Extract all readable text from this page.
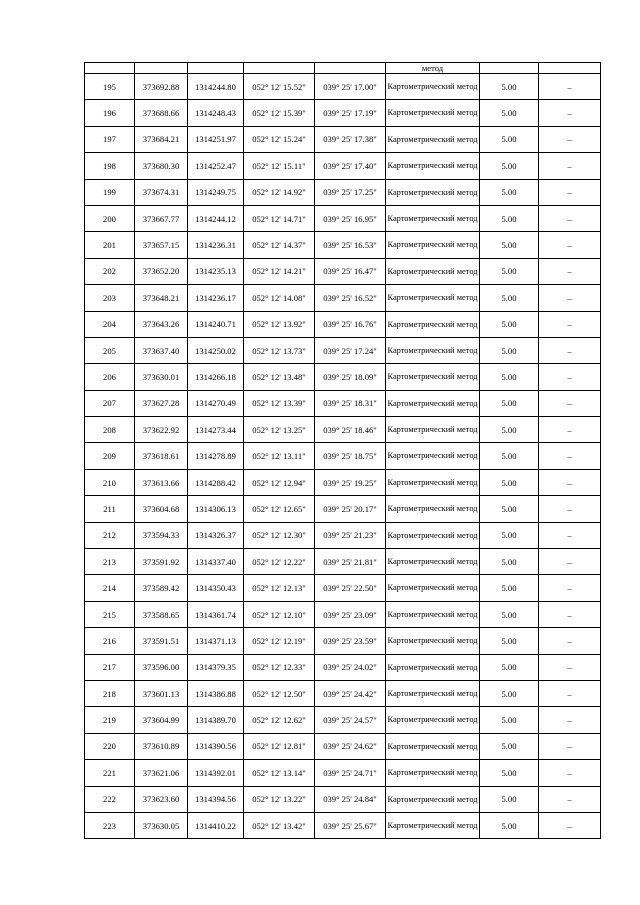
					метод		
195	373692.88	1314244.80	052° 12' 15.52"	039° 25' 17.00"	Картометрический метод	5.00	–
196	373688.66	1314248.43	052° 12' 15.39"	039° 25' 17.19"	Картометрический метод	5.00	–
197	373684.21	1314251.97	052° 12' 15.24"	039° 25' 17.38"	Картометрический метод	5.00	–
198	373680.30	1314252.47	052° 12' 15.11"	039° 25' 17.40"	Картометрический метод	5.00	–
199	373674.31	1314249.75	052° 12' 14.92"	039° 25' 17.25"	Картометрический метод	5.00	–
200	373667.77	1314244.12	052° 12' 14.71"	039° 25' 16.95"	Картометрический метод	5.00	–
201	373657.15	1314236.31	052° 12' 14.37"	039° 25' 16.53"	Картометрический метод	5.00	–
202	373652.20	1314235.13	052° 12' 14.21"	039° 25' 16.47"	Картометрический метод	5.00	–
203	373648.21	1314236.17	052° 12' 14.08"	039° 25' 16.52"	Картометрический метод	5.00	–
204	373643.26	1314240.71	052° 12' 13.92"	039° 25' 16.76"	Картометрический метод	5.00	–
205	373637.40	1314250.02	052° 12' 13.73"	039° 25' 17.24"	Картометрический метод	5.00	–
206	373630.01	1314266.18	052° 12' 13.48"	039° 25' 18.09"	Картометрический метод	5.00	–
207	373627.28	1314270.49	052° 12' 13.39"	039° 25' 18.31"	Картометрический метод	5.00	–
208	373622.92	1314273.44	052° 12' 13.25"	039° 25' 18.46"	Картометрический метод	5.00	–
209	373618.61	1314278.89	052° 12' 13.11"	039° 25' 18.75"	Картометрический метод	5.00	–
210	373613.66	1314288.42	052° 12' 12.94"	039° 25' 19.25"	Картометрический метод	5.00	–
211	373604.68	1314306.13	052° 12' 12.65"	039° 25' 20.17"	Картометрический метод	5.00	–
212	373594.33	1314326.37	052° 12' 12.30"	039° 25' 21.23"	Картометрический метод	5.00	–
213	373591.92	1314337.40	052° 12' 12.22"	039° 25' 21.81"	Картометрический метод	5.00	–
214	373589.42	1314350.43	052° 12' 12.13"	039° 25' 22.50"	Картометрический метод	5.00	–
215	373588.65	1314361.74	052° 12' 12.10"	039° 25' 23.09"	Картометрический метод	5.00	–
216	373591.51	1314371.13	052° 12' 12.19"	039° 25' 23.59"	Картометрический метод	5.00	–
217	373596.00	1314379.35	052° 12' 12.33"	039° 25' 24.02"	Картометрический метод	5.00	–
218	373601.13	1314386.88	052° 12' 12.50"	039° 25' 24.42"	Картометрический метод	5.00	–
219	373604.99	1314389.70	052° 12' 12.62"	039° 25' 24.57"	Картометрический метод	5.00	–
220	373610.89	1314390.56	052° 12' 12.81"	039° 25' 24.62"	Картометрический метод	5.00	–
221	373621.06	1314392.01	052° 12' 13.14"	039° 25' 24.71"	Картометрический метод	5.00	–
222	373623.60	1314394.56	052° 12' 13.22"	039° 25' 24.84"	Картометрический метод	5.00	–
223	373630.05	1314410.22	052° 12' 13.42"	039° 25' 25.67"	Картометрический метод	5.00	–
